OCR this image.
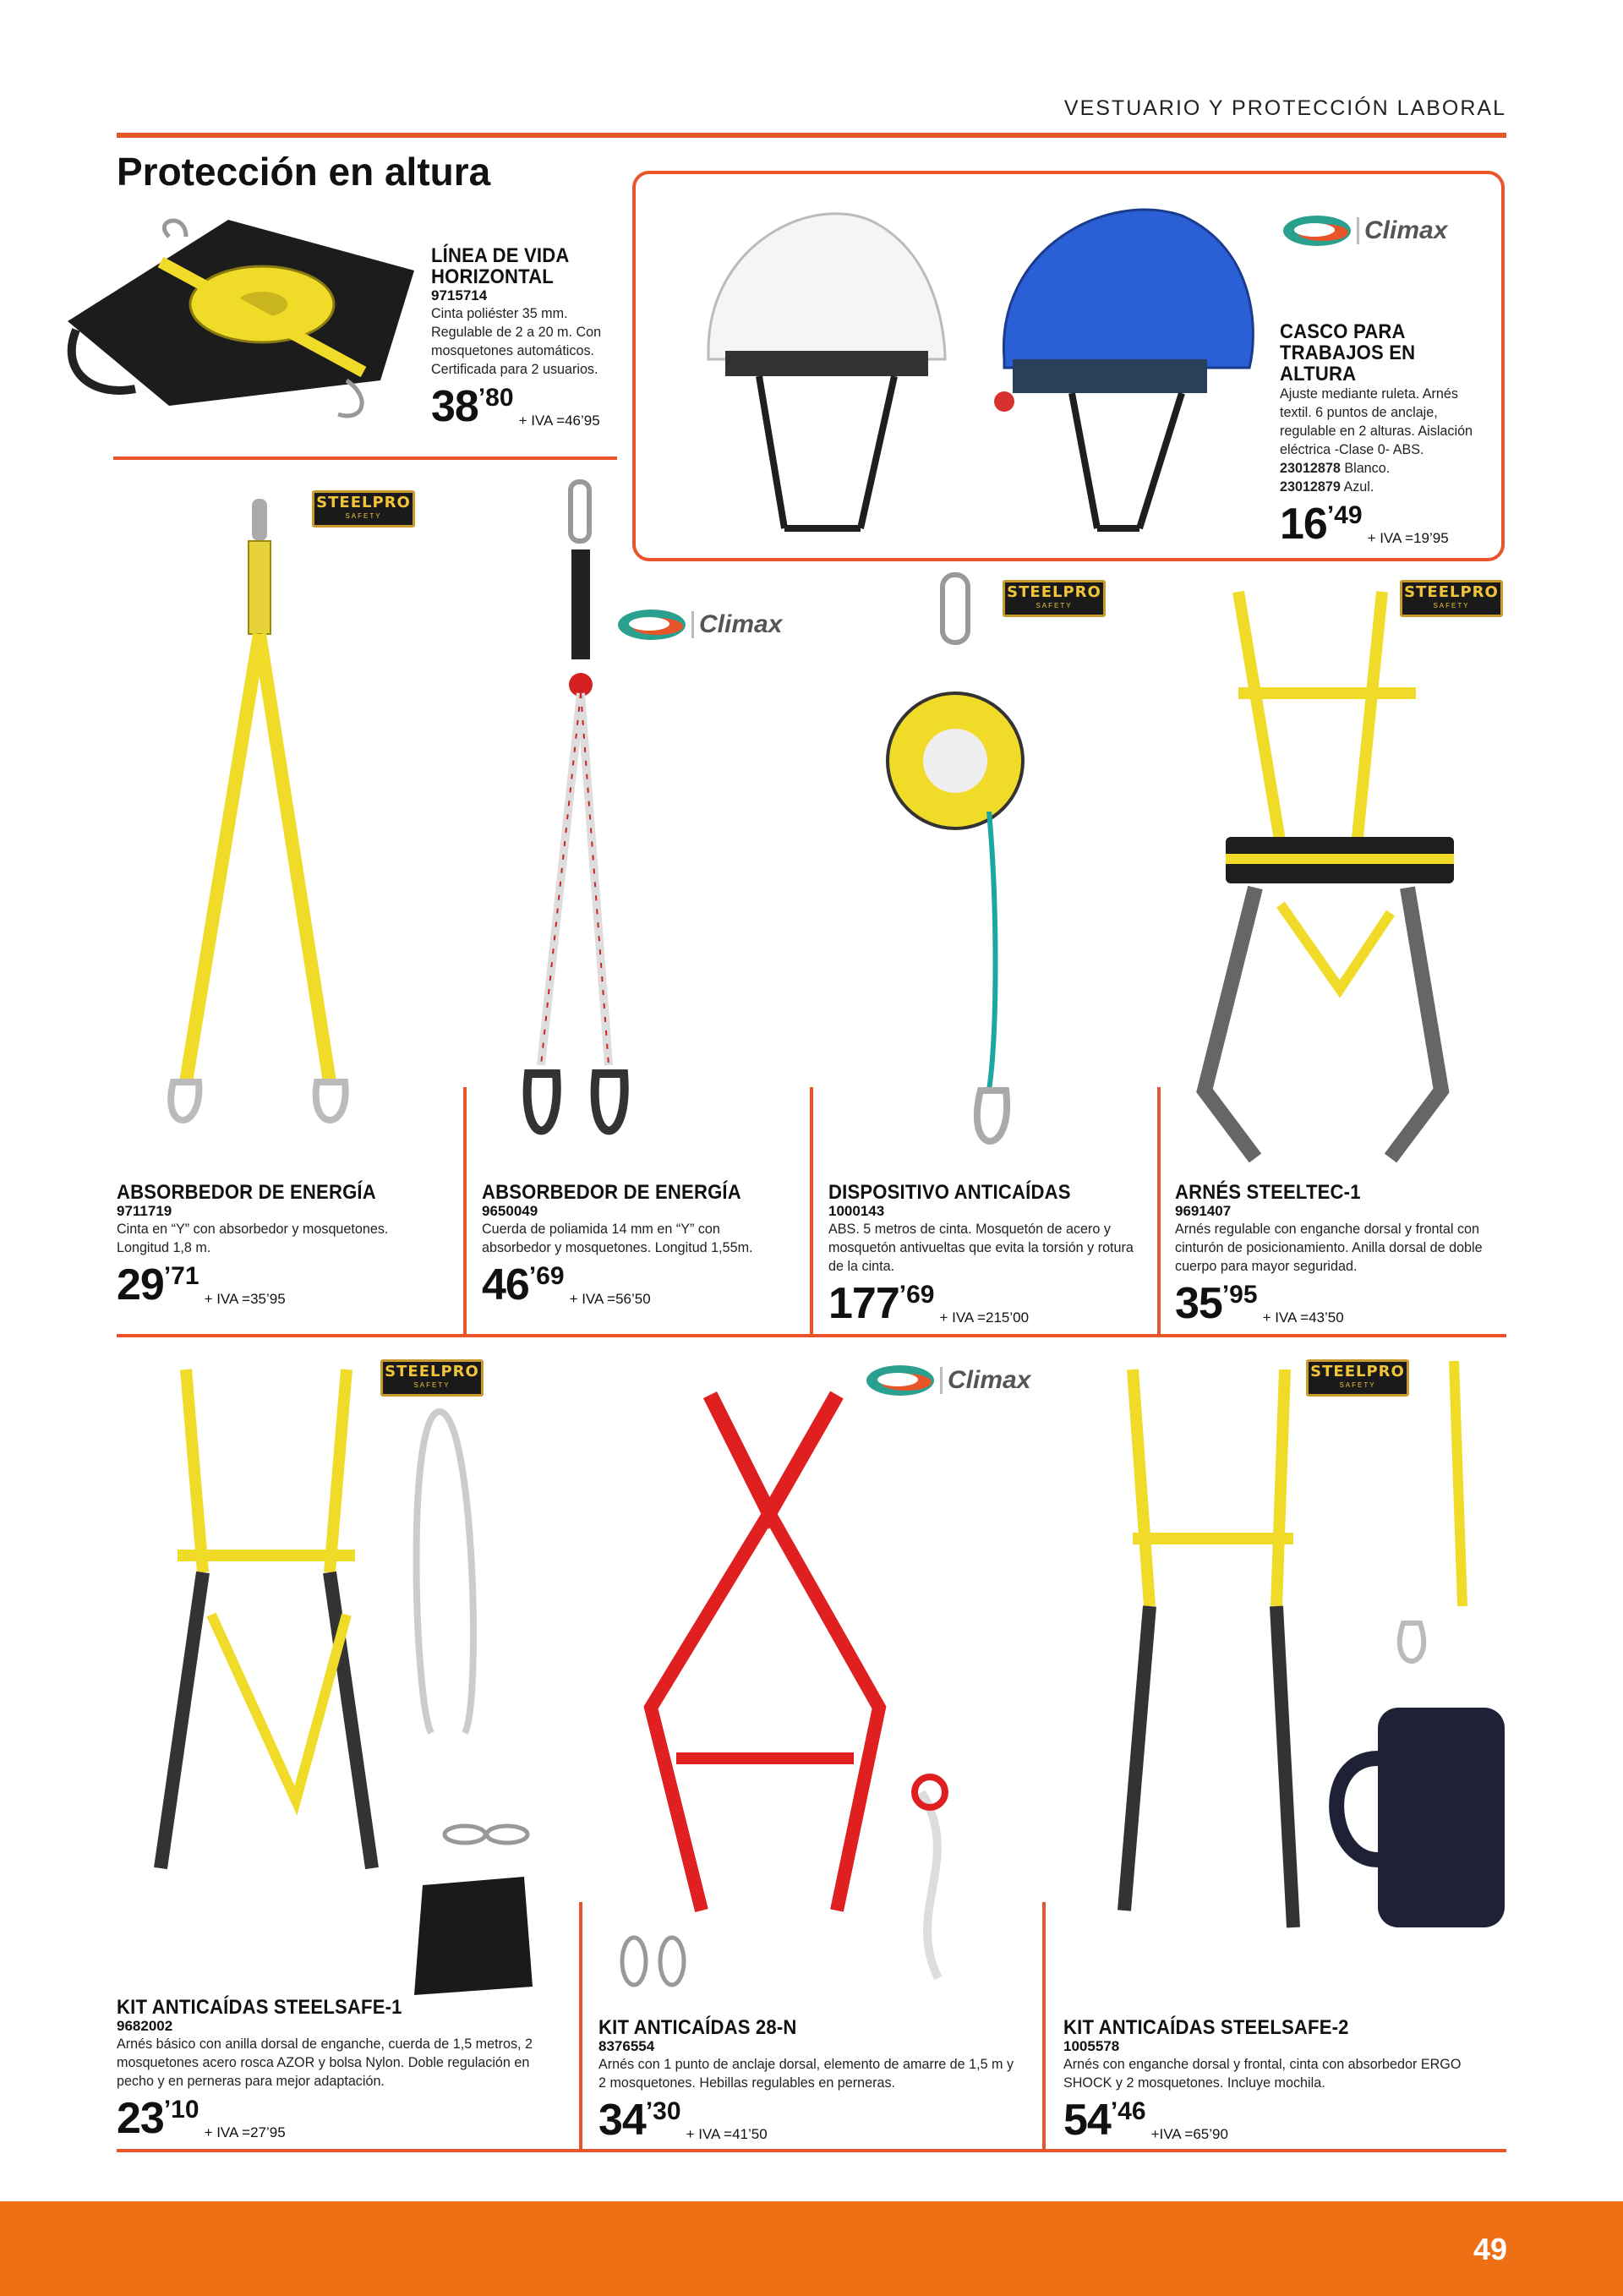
VESTUARIO Y PROTECCIÓN LABORAL
Protección en altura
LÍNEA DE VIDA
HORIZONTAL
9715714
Cinta poliéster 35 mm. Regulable de 2 a 20 m. Con mosquetones automáticos. Certificada para 2 usuarios.
38’80+ IVA =46’95
Climax
CASCO PARA
TRABAJOS EN ALTURA
Ajuste mediante ruleta. Arnés textil. 6 puntos de anclaje, regulable en 2 alturas. Aislación eléctrica -Clase 0- ABS.
23012878 Blanco.
23012879 Azul.
16’49+ IVA =19’95
STEELPRO
SAFETY
Climax
STEELPRO
SAFETY
STEELPRO
SAFETY
ABSORBEDOR DE ENERGÍA
9711719
Cinta en “Y” con absorbedor y mosquetones. Longitud 1,8 m.
29’71+ IVA =35’95
ABSORBEDOR DE ENERGÍA
9650049
Cuerda de poliamida 14 mm en “Y” con absorbedor y mosquetones. Longitud 1,55m.
46’69+ IVA =56’50
DISPOSITIVO ANTICAÍDAS
1000143
ABS. 5 metros de cinta. Mosquetón de acero y mosquetón antivueltas que evita la torsión y rotura de la cinta.
177’69+ IVA =215’00
ARNÉS STEELTEC-1
9691407
Arnés regulable con enganche dorsal y frontal con cinturón de posicionamiento. Anilla dorsal de doble cuerpo para mayor seguridad.
35’95+ IVA =43’50
STEELPRO
SAFETY	Climax	STEELPRO
SAFETY
KIT ANTICAÍDAS STEELSAFE-1
9682002
Arnés básico con anilla dorsal de enganche, cuerda de 1,5 metros, 2 mosquetones acero rosca AZOR y bolsa Nylon. Doble regulación en pecho y en perneras para mejor adaptación.
23’10+ IVA =27’95
KIT ANTICAÍDAS 28-N
8376554
Arnés con 1 punto de anclaje dorsal, elemento de amarre de 1,5 m y 2 mosquetones. Hebillas regulables en perneras.
34’30+ IVA =41’50
KIT ANTICAÍDAS STEELSAFE-2
1005578
Arnés con enganche dorsal y frontal, cinta con absorbedor ERGO SHOCK y 2 mosquetones. Incluye mochila.
54’46+IVA =65’90
49
